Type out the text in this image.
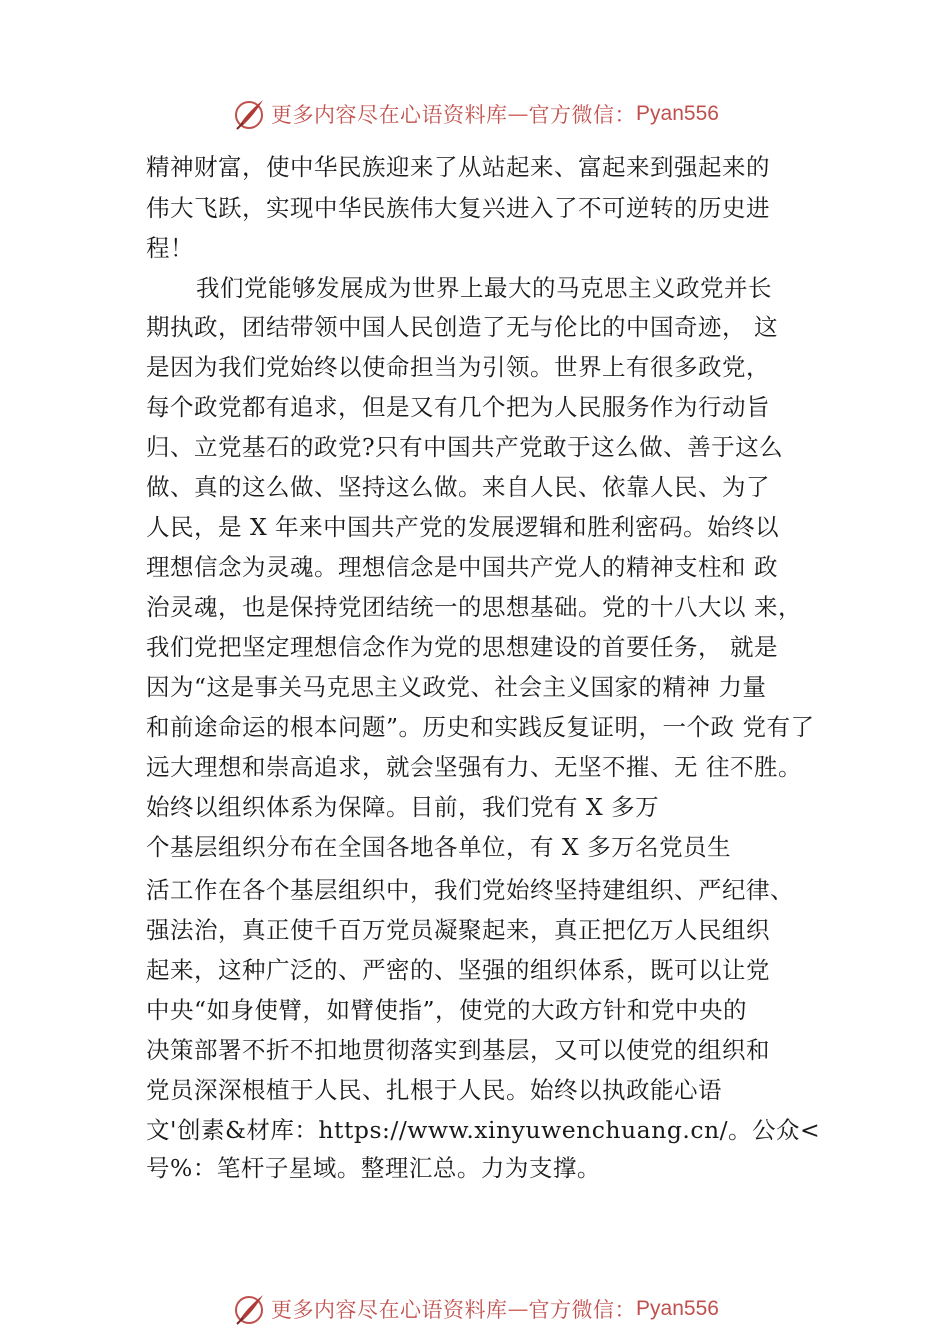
更多内容尽在心语资料库 — 官方微信： Pyan556
精神财富，使中华民族迎来了从站起来、富起来到强起来的
伟大飞跃，实现中华民族伟大复兴进入了不可逆转的历史进
程！
我们党能够发展成为世界上最大的马克思主义政党并长
期执政，团结带领中国人民创造了无与伦比的中国奇迹， 这
是因为我们党始终以使命担当为引领。世界上有很多政党，
每个政党都有追求，但是又有几个把为人民服务作为行动旨
归、立党基石的政党?只有中国共产党敢于这么做、善于这么
做、真的这么做、坚持这么做。来自人民、依靠人民、为了
人民，是 X 年来中国共产党的发展逻辑和胜利密码。始终以
理想信念为灵魂。理想信念是中国共产党人的精神支柱和 政
治灵魂，也是保持党团结统一的思想基础。党的十八大以 来，
我们党把坚定理想信念作为党的思想建设的首要任务， 就是
因为“这是事关马克思主义政党、社会主义国家的精神 力量
和前途命运的根本问题”。历史和实践反复证明，一个政 党有了
远大理想和崇高追求，就会坚强有力、无坚不摧、无 往不胜。
始终以组织体系为保障。目前，我们党有 X 多万
个基层组织分布在全国各地各单位，有 X 多万名党员生
活工作在各个基层组织中，我们党始终坚持建组织、严纪律、
强法治，真正使千百万党员凝聚起来，真正把亿万人民组织
起来，这种广泛的、严密的、坚强的组织体系，既可以让党
中央“如身使臂，如臂使指”，使党的大政方针和党中央的
决策部署不折不扣地贯彻落实到基层，又可以使党的组织和
党员深深根植于人民、扎根于人民。始终以执政能心语
文'创素&材库：https://www.xinyuwenchuang.cn/。公众<
号%：笔杆子星域。整理汇总。力为支撑。
更多内容尽在心语资料库 — 官方微信： Pyan556
